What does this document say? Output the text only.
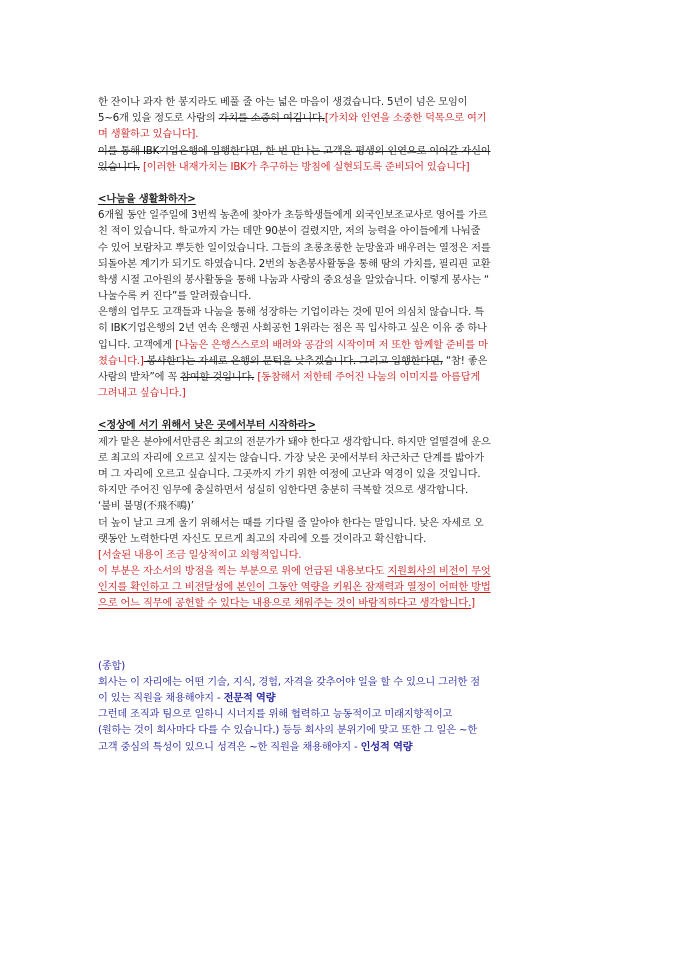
한 잔이나 과자 한 봉지라도 베풀 줄 아는 넓은 마음이 생겼습니다. 5년이 넘은 모임이
5~6개 있을 정도로 사람의 가치를 소중히 여깁니다.[가치와 인연을 소중한 덕목으로 여기
며 생활하고 있습니다].
이를 통해 IBK기업은행에 입행한다면, 한 번 만나는 고객을 평생의 인연으로 이어갈 자신이
있습니다. [이러한 내재가치는 IBK가 추구하는 방침에 실현되도록 준비되어 있습니다]
<나눔을 생활화하자>
6개월 동안 일주일에 3번씩 농촌에 찾아가 초등학생들에게 외국인보조교사로 영어를 가르
친 적이 있습니다. 학교까지 가는 데만 90분이 걸렸지만, 저의 능력을 아이들에게 나눠줄
수 있어 보람차고 뿌듯한 일이었습니다. 그들의 초롱초롱한 눈망울과 배우려는 열정은 저를
되돌아본 계기가 되기도 하였습니다. 2번의 농촌봉사활동을 통해 땀의 가치를, 필리핀 교환
학생 시절 고아원의 봉사활동을 통해 나눔과 사랑의 중요성을 알았습니다. 이렇게 봉사는 “
나눌수록 커 진다”를 알려줬습니다.
은행의 업무도 고객들과 나눔을 통해 성장하는 기업이라는 것에 믿어 의심치 않습니다. 특
히 IBK기업은행의 2년 연속 은행권 사회공헌 1위라는 점은 꼭 입사하고 싶은 이유 중 하나
입니다. 고객에게 [나눔은 은행스스로의 배려와 공감의 시작이며 저 또한 함께할 준비를 마
쳤습니다.] 봉사한다는 자세로 은행의 문턱을 낮추겠습니다. 그리고 입행한다면, “참! 좋은
사람의 밭차”에 꼭 참여할 것입니다. [동참해서 저한테 주어진 나눔의 이미지를 아름답게
그려내고 싶습니다.]
<정상에 서기 위해서 낮은 곳에서부터 시작하라>
제가 맡은 분야에서만큼은 최고의 전문가가 돼야 한다고 생각합니다. 하지만 얼떨결에 운으
로 최고의 자리에 오르고 싶지는 않습니다. 가장 낮은 곳에서부터 차근차근 단계를 밟아가
며 그 자리에 오르고 싶습니다. 그곳까지 가기 위한 여정에 고난과 역경이 있을 것입니다.
하지만 주어진 임무에 충실하면서 성실히 임한다면 충분히 극복할 것으로 생각합니다.
‘불비 불명(不飛不鳴)’
더 높이 날고 크게 울기 위해서는 때를 기다릴 줄 알아야 한다는 말입니다. 낮은 자세로 오
랫동안 노력한다면 자신도 모르게 최고의 자리에 오를 것이라고 확신합니다.
[서술된 내용이 조금 일상적이고 외형적입니다.
이 부분은 자소서의 방점을 찍는 부분으로 위에 언급된 내용보다도 지원회사의 비전이 무엇
인지를 확인하고 그 비전달성에 본인이 그동안 역량을 키워온 잠재력과 열정이 어떠한 방법
으로 어느 직무에 공헌할 수 있다는 내용으로 채워주는 것이 바람직하다고 생각합니다.]
(종합)
회사는 이 자리에는 어떤 기술, 지식, 경험, 자격을 갖추어야 일을 할 수 있으니 그러한 점
이 있는 직원을 채용해야지 - 전문적 역량
그런데 조직과 팀으로 일하니 시너지를 위해 협력하고 능동적이고 미래지향적이고
(원하는 것이 회사마다 다를 수 있습니다.) 등등 회사의 분위기에 맞고 또한 그 일은 ~한
고객 중심의 특성이 있으니 성격은 ~한 직원을 채용해야지 - 인성적 역량
